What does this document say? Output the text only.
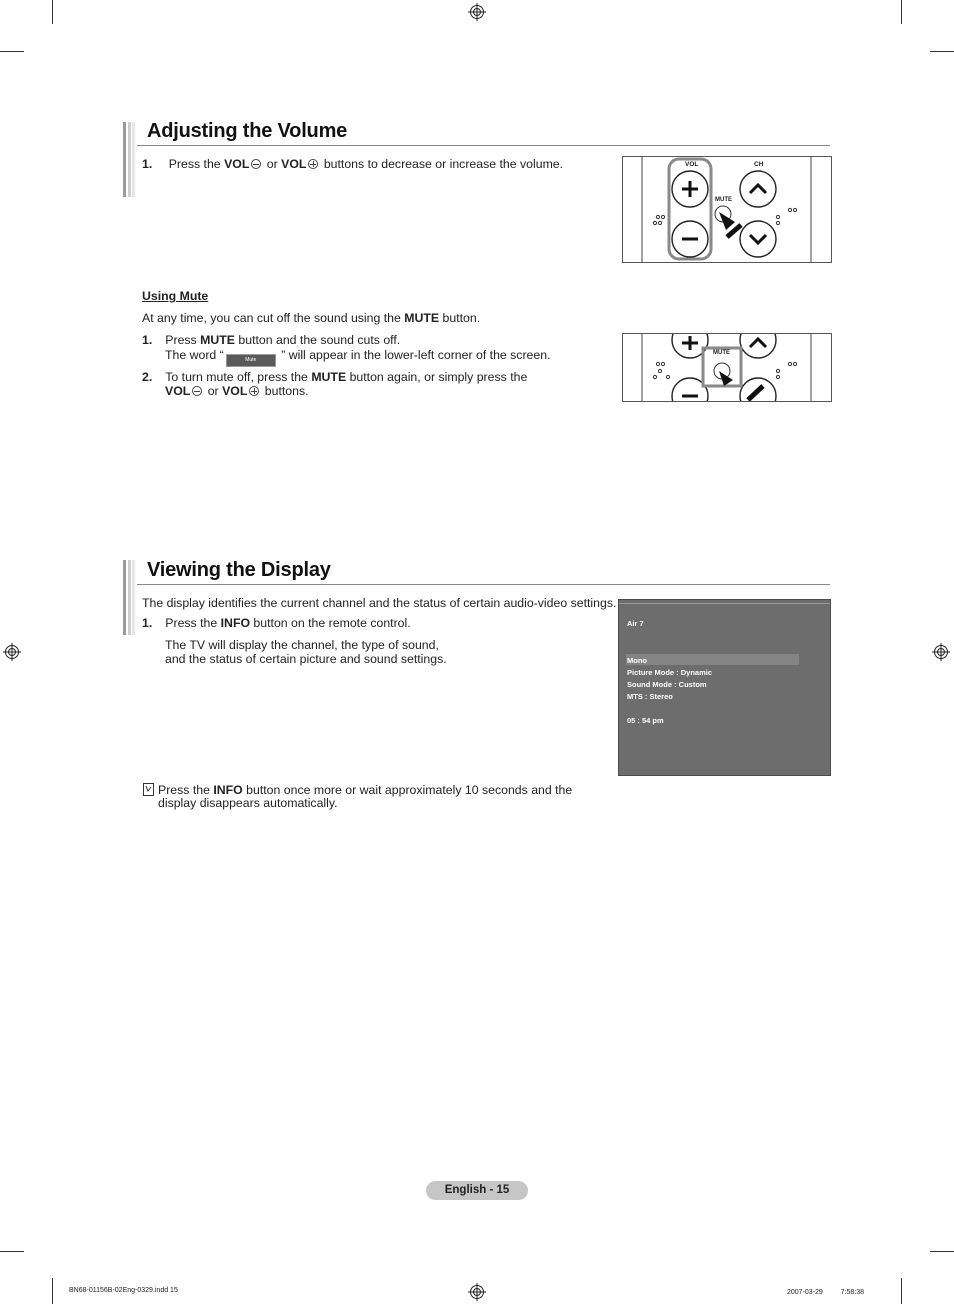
Adjusting the Volume
1. Press the VOL or VOL buttons to decrease or increase the volume.	VOL	CH
MUTE
Using Mute
At any time, you can cut off the sound using the MUTE button.
1. Press MUTE button and the sound cuts off.
The word “	Mute ” will appear in the lower-left corner of the screen.
2. To turn mute off, press the MUTE button again, or simply press the
VOL or VOL buttons.
MUTE
Viewing the Display
The display identifies the current channel and the status of certain audio-video settings.
1. Press the INFO button on the remote control.
The TV will display the channel, the type of sound,
and the status of certain picture and sound settings.
Air 7
Mono
Picture Mode : Dynamic
Sound Mode : Custom
MTS : Stereo
05 : 54 pm
Press the INFO button once more or wait approximately 10 seconds and the
display disappears automatically.
English - 15
BN68-01156B-02Eng-0329.indd 15	2007-03-29 　　 7:58:38
